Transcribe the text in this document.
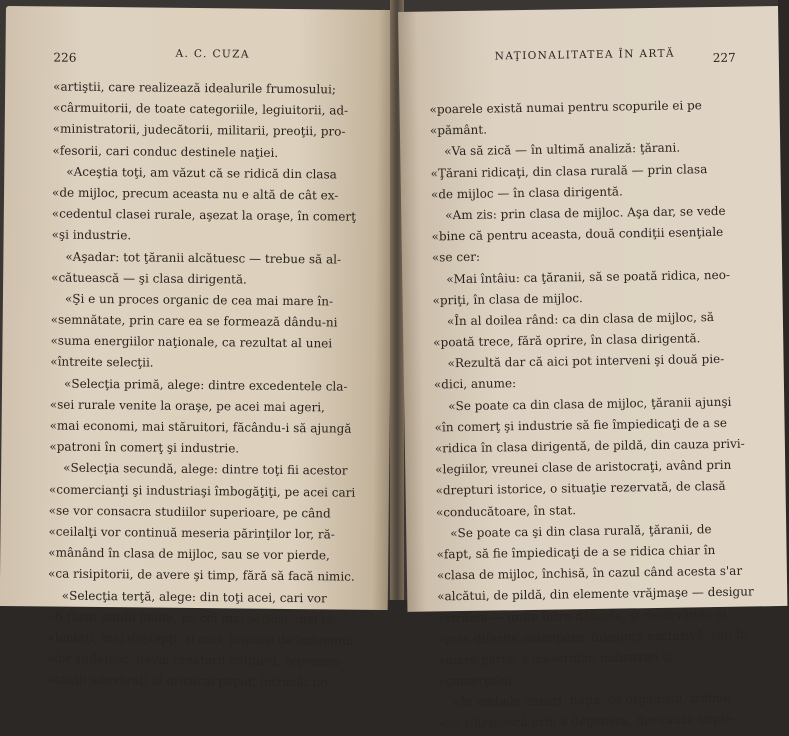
226	A. C. CUZA
«artiştii, care realizează idealurile frumosului;
«cârmuitorii, de toate categoriile, legiuitorii, ad-
«ministratorii, judecătorii, militarii, preoţii, pro-
«fesorii, cari conduc destinele naţiei.
«Aceştia toţi, am văzut că se ridică din clasa
«de mijloc, precum aceasta nu e altă de cât ex-
«cedentul clasei rurale, aşezat la oraşe, în comerţ
«şi industrie.
«Aşadar: tot ţăranii alcătuesc — trebue să al-
«cătuească — şi clasa dirigentă.
«Şi e un proces organic de cea mai mare în-
«semnătate, prin care ea se formează dându-ni
«suma energiilor naţionale, ca rezultat al unei
«întreite selecţii.
«Selecţia primă, alege: dintre excedentele cla-
«sei rurale venite la oraşe, pe acei mai ageri,
«mai economi, mai stăruitori, făcându-i să ajungă
«patroni în comerţ şi industrie.
«Selecţia secundă, alege: dintre toţi fii acestor
«comercianţi şi industriaşi îmbogăţiţi, pe acei cari
«se vor consacra studiilor superioare, pe când
«ceilalţi vor continuă meseria părinţilor lor, ră-
«mânând în clasa de mijloc, sau se vor pierde,
«ca risipitorii, de avere şi timp, fără să facă nimic.
«Selecţia terţă, alege: din toţi acei, cari vor
«fi făcut studii înalte, pe cei mai serioşi, mai ta-
«lentaţi, mai deştepţi, şi cari, împinşi de îndemnul
«lor sufletesc, devin creatorii culturei, reprezen-
«tanţii adevăraţi ai oricărui popor, întrucât po-
NAŢIONALITATEA ÎN ARTĂ	227
«poarele există numai pentru scopurile ei pe
«pământ.
«Va să zică — în ultimă analiză: ţărani.
«Ţărani ridicaţi, din clasa rurală — prin clasa
«de mijloc — în clasa dirigentă.
«Am zis: prin clasa de mijloc. Aşa dar, se vede
«bine că pentru aceasta, două condiţii esenţiale
«se cer:
«Mai întâiu: ca ţăranii, să se poată ridica, neo-
«priţi, în clasa de mijloc.
«În al doilea rând: ca din clasa de mijloc, să
«poată trece, fără oprire, în clasa dirigentă.
«Rezultă dar că aici pot interveni şi două pie-
«dici, anume:
«Se poate ca din clasa de mijloc, ţăranii ajunşi
«în comerţ şi industrie să fie împiedicaţi de a se
«ridica în clasa dirigentă, de pildă, din cauza privi-
«legiilor, vreunei clase de aristocraţi, având prin
«drepturi istorice, o situaţie rezervată, de clasă
«conducătoare, în stat.
«Se poate ca şi din clasa rurală, ţăranii, de
«fapt, să fie împiedicaţi de a se ridica chiar în
«clasa de mijloc, închisă, în cazul când acesta s'ar
«alcătui, de pildă, din elemente vrăjmaşe — desigur
«străine — unite între dânsele, şi rezervându-şi,
«prin diferite manopere, folosinţa exclusivă, sau în
«mare parte, a meseriilor, industriei şi
«comerţului.
«În ambele cazuri, naţia, ca organism, trebue
«să sfârşească prin a degenera, din cauza împie-
